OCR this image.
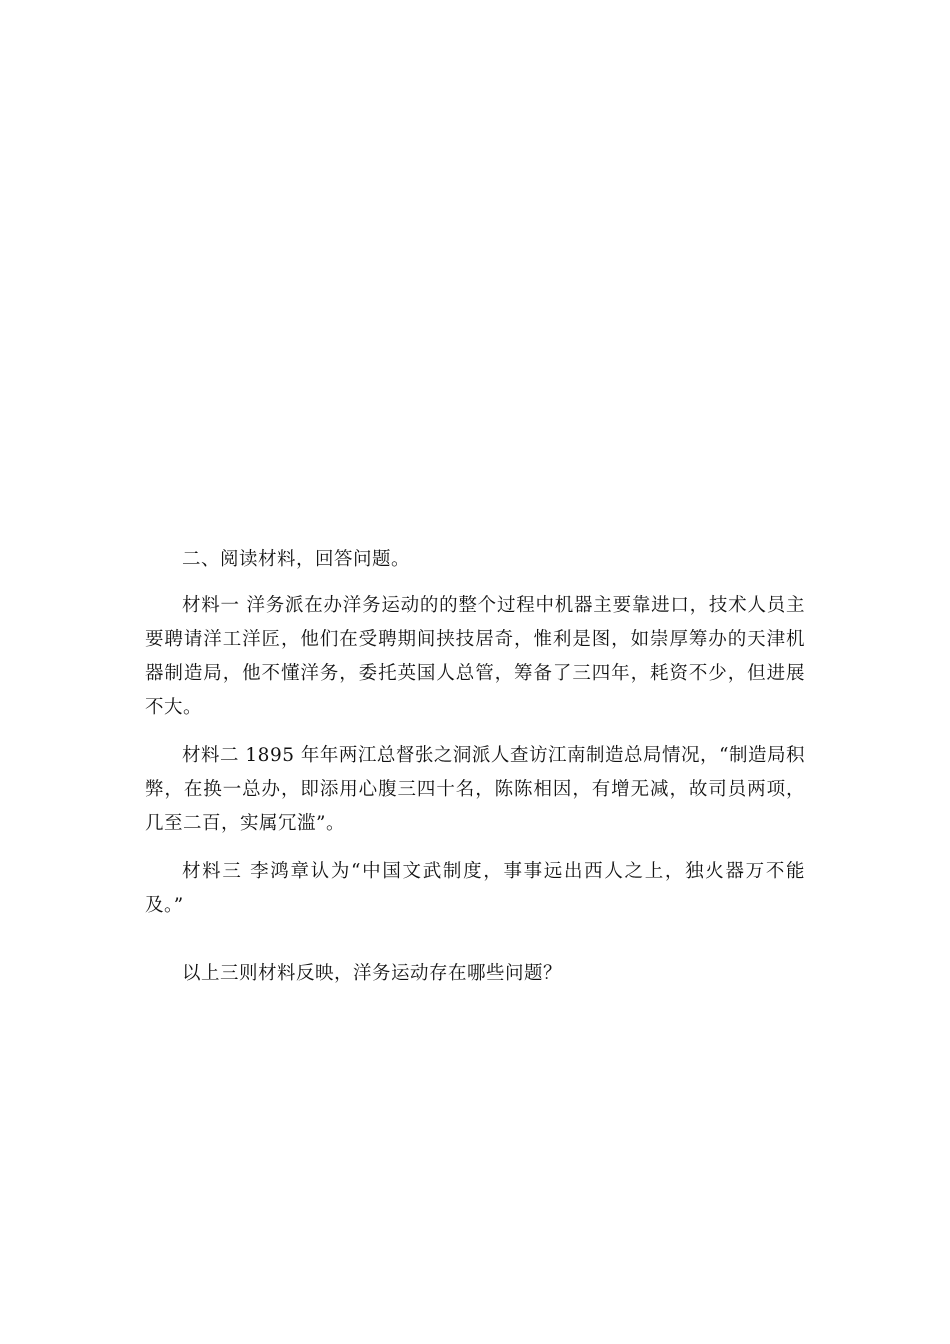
二、阅读材料，回答问题。

材料一 洋务派在办洋务运动的的整个过程中机器主要靠进口，技术人员主要聘请洋工洋匠，他们在受聘期间挟技居奇，惟利是图，如崇厚筹办的天津机器制造局，他不懂洋务，委托英国人总管，筹备了三四年，耗资不少，但进展不大。

材料二 1895 年年两江总督张之洞派人查访江南制造总局情况，“制造局积弊，在换一总办，即添用心腹三四十名，陈陈相因，有增无减，故司员两项，几至二百，实属冗滥”。

材料三 李鸿章认为“中国文武制度，事事远出西人之上，独火器万不能及。”

以上三则材料反映，洋务运动存在哪些问题？
